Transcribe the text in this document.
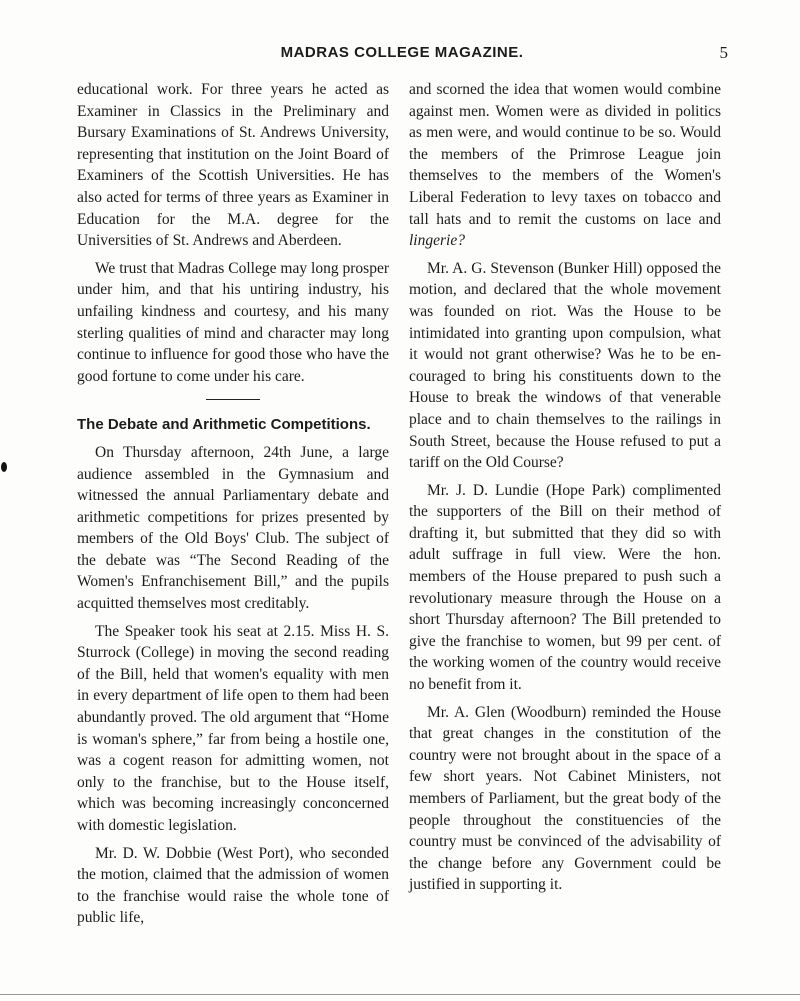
MADRAS COLLEGE MAGAZINE.	5

educational work. For three years he acted as Examiner in Classics in the Preliminary and Bursary Examinations of St. Andrews University, representing that institution on the Joint Board of Examiners of the Scottish Universities. He has also acted for terms of three years as Examiner in Education for the M.A. degree for the Universities of St. Andrews and Aberdeen.

We trust that Madras College may long prosper under him, and that his untiring industry, his unfailing kindness and courtesy, and his many sterling qualities of mind and character may long continue to influence for good those who have the good fortune to come under his care.

The Debate and Arithmetic Competitions.

On Thursday afternoon, 24th June, a large audience assembled in the Gymnasium and witnessed the annual Parliamentary debate and arithmetic competitions for prizes presented by members of the Old Boys' Club. The subject of the debate was “The Second Reading of the Women's Enfranchisement Bill,” and the pupils acquitted themselves most creditably.

The Speaker took his seat at 2.15. Miss H. S. Sturrock (College) in moving the second reading of the Bill, held that women's equality with men in every department of life open to them had been abundantly proved. The old argument that “Home is woman's sphere,” far from being a hostile one, was a cogent reason for admitting women, not only to the franchise, but to the House itself, which was becoming increasingly conconcerned with domestic legislation.

Mr. D. W. Dobbie (West Port), who seconded the motion, claimed that the admission of women to the franchise would raise the whole tone of public life,

and scorned the idea that women would combine against men. Women were as divided in politics as men were, and would continue to be so. Would the members of the Primrose League join themselves to the members of the Women's Liberal Federation to levy taxes on tobacco and tall hats and to remit the customs on lace and lingerie?

Mr. A. G. Stevenson (Bunker Hill) opposed the motion, and declared that the whole movement was founded on riot. Was the House to be intimidated into granting upon compulsion, what it would not grant otherwise? Was he to be encouraged to bring his constituents down to the House to break the windows of that venerable place and to chain themselves to the railings in South Street, because the House refused to put a tariff on the Old Course?

Mr. J. D. Lundie (Hope Park) complimented the supporters of the Bill on their method of drafting it, but submitted that they did so with adult suffrage in full view. Were the hon. members of the House prepared to push such a revolutionary measure through the House on a short Thursday afternoon? The Bill pretended to give the franchise to women, but 99 per cent. of the working women of the country would receive no benefit from it.

Mr. A. Glen (Woodburn) reminded the House that great changes in the constitution of the country were not brought about in the space of a few short years. Not Cabinet Ministers, not members of Parliament, but the great body of the people throughout the constituencies of the country must be convinced of the advisability of the change before any Government could be justified in supporting it.
